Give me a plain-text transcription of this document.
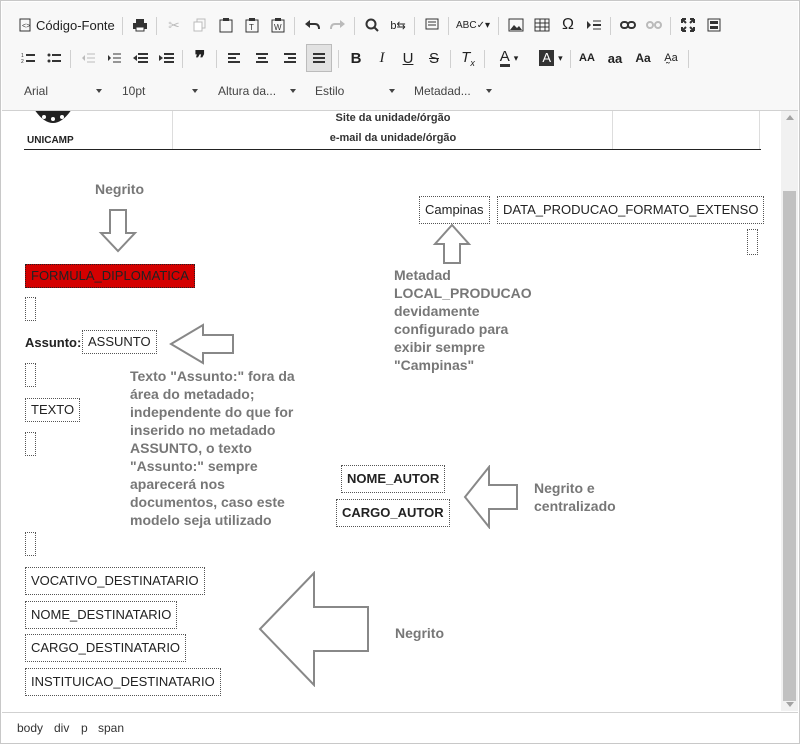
<> Código-Fonte	✂	T	W	b⇆	ABC✓▾	Ω
1
2	❞	B I U S $T_x$ A ▾ A ▾ AA aa Aa A̰a
Arial	10pt	Altura da...	Estilo	Metadad...
UNICAMP
Site da unidade/órgão
e-mail da unidade/órgão
Negrito
FORMULA_DIPLOMATICA
Assunto: ASSUNTO
TEXTO
Texto "Assunto:" fora da
área do metadado;
independente do que for
inserido no metadado
ASSUNTO, o texto
"Assunto:" sempre
aparecerá nos
documentos, caso este
modelo seja utilizado
Campinas	DATA_PRODUCAO_FORMATO_EXTENSO
Metadad
LOCAL_PRODUCAO
devidamente
configurado para
exibir sempre
"Campinas"
NOME_AUTOR
CARGO_AUTOR
Negrito e
centralizado
VOCATIVO_DESTINATARIO
NOME_DESTINATARIO
CARGO_DESTINATARIO
INSTITUICAO_DESTINATARIO
Negrito
body div p span
